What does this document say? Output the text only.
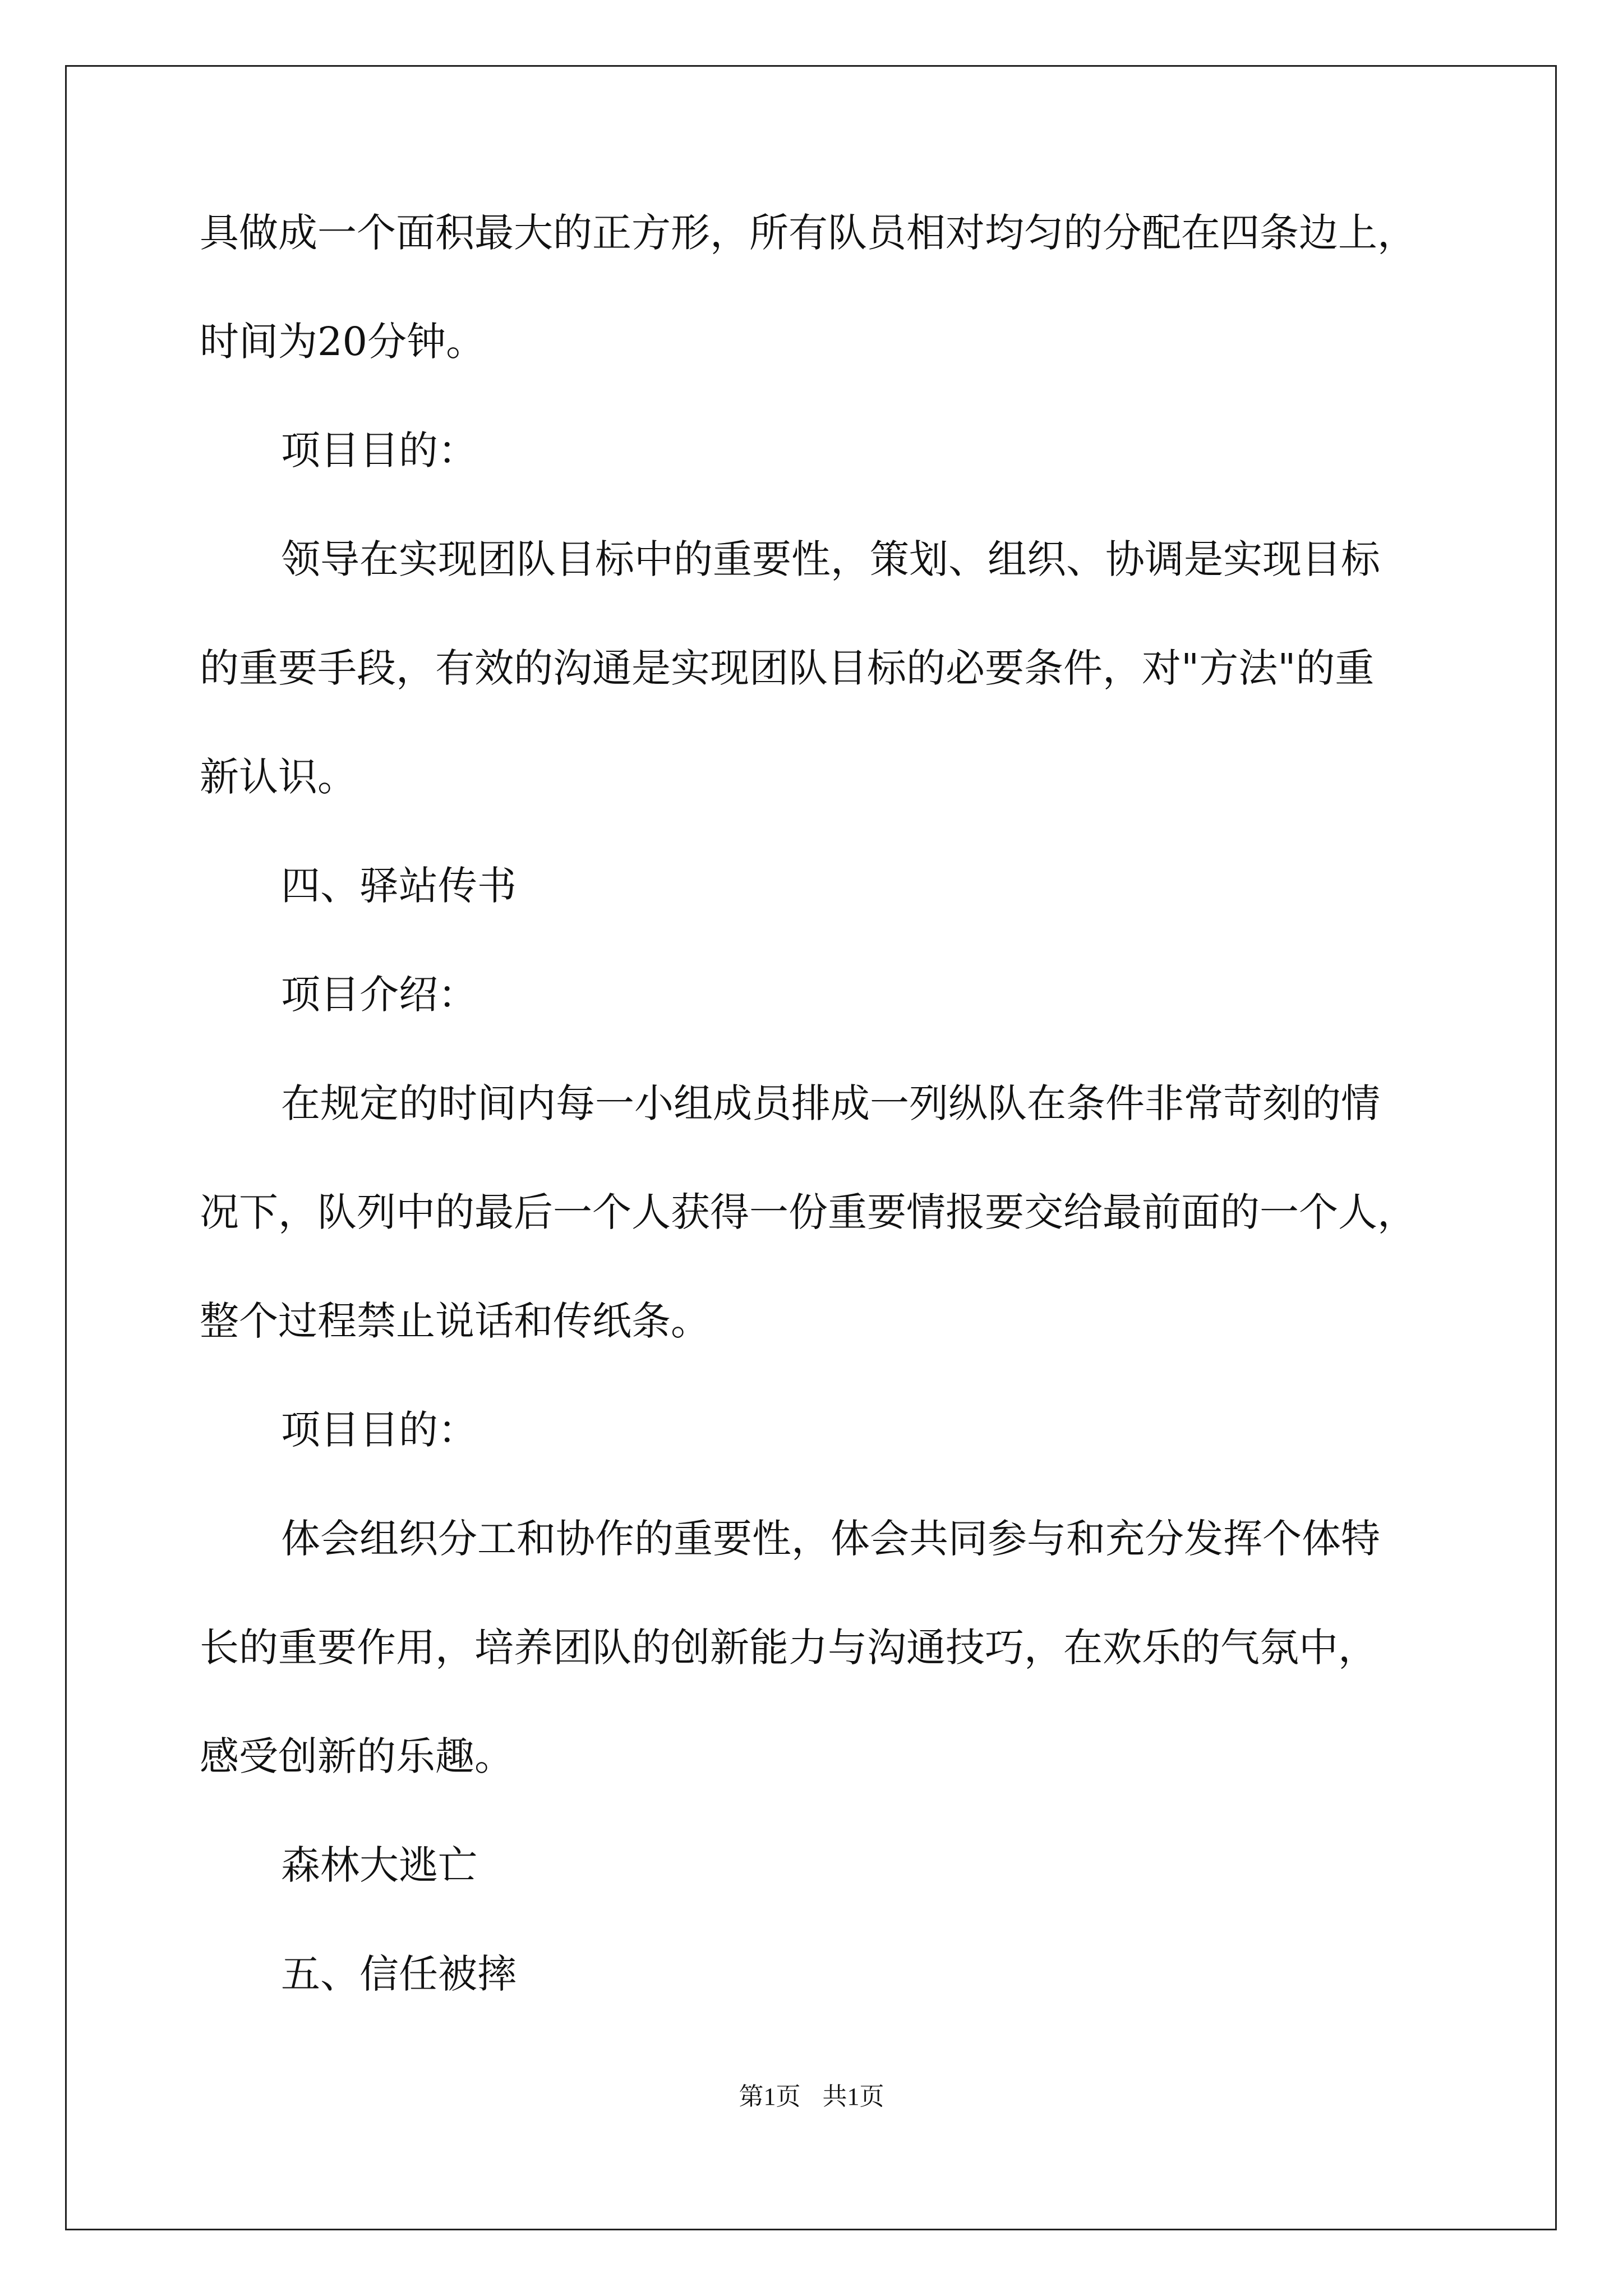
具做成一个面积最大的正方形，所有队员相对均匀的分配在四条边上，
时间为20分钟。
项目目的：
领导在实现团队目标中的重要性，策划、组织、协调是实现目标
的重要手段，有效的沟通是实现团队目标的必要条件，对"方法"的重
新认识。
四、驿站传书
项目介绍：
在规定的时间内每一小组成员排成一列纵队在条件非常苛刻的情
况下，队列中的最后一个人获得一份重要情报要交给最前面的一个人，
整个过程禁止说话和传纸条。
项目目的：
体会组织分工和协作的重要性，体会共同参与和充分发挥个体特
长的重要作用，培养团队的创新能力与沟通技巧，在欢乐的气氛中，
感受创新的乐趣。
森林大逃亡
五、信任被摔
第1页 共1页
